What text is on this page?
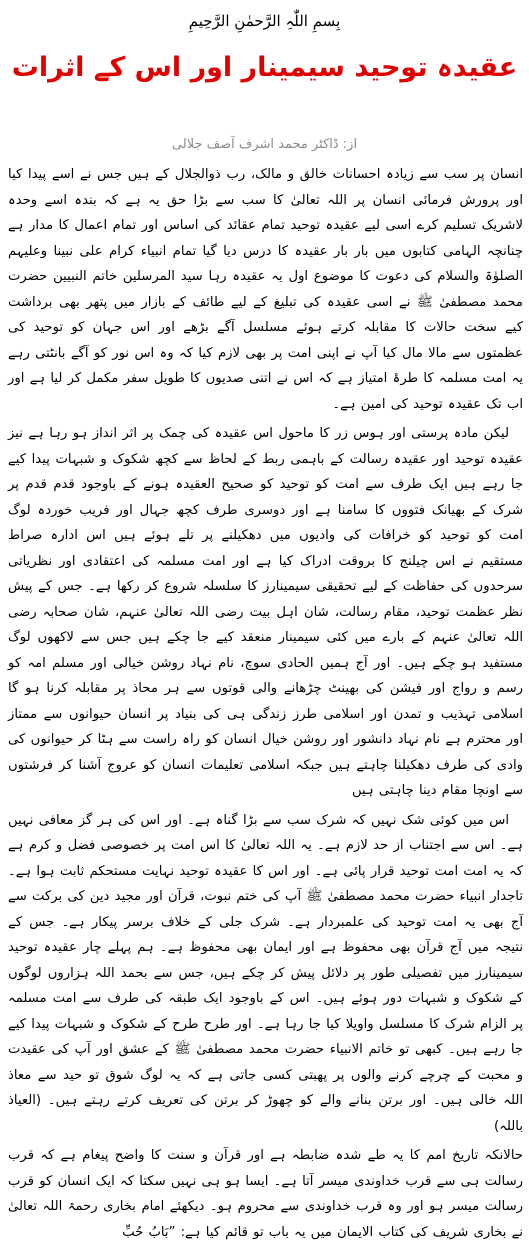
بِسمِ اللّٰہِ الرَّحمٰنِ الرَّحِیمِ
عقیدہ توحید سیمینار اور اس کے اثرات
از: ڈاکٹر محمد اشرف آصف جلالی

انسان پر سب سے زیادہ احسانات خالق و مالک، رب ذوالجلال کے ہیں جس نے اسے پیدا کیا اور پرورش فرمائی انسان پر اللہ تعالیٰ کا سب سے بڑا حق یہ ہے کہ بندہ اسے وحدہ لاشریک تسلیم کرے اسی لیے عقیدہ توحید تمام عقائد کی اساس اور تمام اعمال کا مدار ہے چنانچہ الہامی کتابوں میں بار بار عقیدہ کا درس دیا گیا تمام انبیاء کرام علی نبینا وعلیہم الصلوٰۃ والسلام کی دعوت کا موضوع اول یہ عقیدہ رہا سید المرسلین خاتم النبیین حضرت محمد مصطفیٰ ﷺ نے اسی عقیدہ کی تبلیغ کے لیے طائف کے بازار میں پتھر بھی برداشت کیے سخت حالات کا مقابلہ کرتے ہوئے مسلسل آگے بڑھے اور اس جہان کو توحید کی عظمتوں سے مالا مال کیا آپ نے اپنی امت پر بھی لازم کیا کہ وہ اس نور کو آگے بانٹتی رہے یہ امت مسلمہ کا طرۂ امتیاز ہے کہ اس نے اتنی صدیوں کا طویل سفر مکمل کر لیا ہے اور اب تک عقیدہ توحید کی امین ہے۔

لیکن مادہ پرستی اور ہوس زر کا ماحول اس عقیدہ کی چمک پر اثر انداز ہو رہا ہے نیز عقیدہ توحید اور عقیدہ رسالت کے باہمی ربط کے لحاظ سے کچھ شکوک و شبہات پیدا کیے جا رہے ہیں ایک طرف سے امت کو توحید کو صحیح العقیدہ ہونے کے باوجود قدم قدم پر شرک کے بھیانک فتووں کا سامنا ہے اور دوسری طرف کچھ جہال اور فریب خوردہ لوگ امت کو توحید کو خرافات کی وادیوں میں دھکیلنے پر تلے ہوئے ہیں اس ادارہ صراط مستقیم نے اس چیلنج کا بروقت ادراک کیا ہے اور امت مسلمہ کی اعتقادی اور نظریاتی سرحدوں کی حفاظت کے لیے تحقیقی سیمینارز کا سلسلہ شروع کر رکھا ہے۔ جس کے پیش نظر عظمت توحید، مقام رسالت، شان اہل بیت رضی اللہ تعالیٰ عنہم، شان صحابہ رضی اللہ تعالیٰ عنہم کے بارے میں کئی سیمینار منعقد کیے جا چکے ہیں جس سے لاکھوں لوگ مستفید ہو چکے ہیں۔ اور آج ہمیں الحادی سوچ، نام نہاد روشن خیالی اور مسلم امہ کو رسم و رواج اور فیشن کی بھینٹ چڑھانے والی قوتوں سے ہر محاذ پر مقابلہ کرنا ہو گا اسلامی تہذیب و تمدن اور اسلامی طرز زندگی ہی کی بنیاد پر انسان حیوانوں سے ممتاز اور محترم ہے نام نہاد دانشور اور روشن خیال انسان کو راہ راست سے ہٹا کر حیوانوں کی وادی کی طرف دھکیلنا چاہتے ہیں جبکہ اسلامی تعلیمات انسان کو عروج آشنا کر فرشتوں سے اونچا مقام دینا چاہتی ہیں

اس میں کوئی شک نہیں کہ شرک سب سے بڑا گناہ ہے۔ اور اس کی ہر گز معافی نہیں ہے۔ اس سے اجتناب از حد لازم ہے۔ یہ اللہ تعالیٰ کا اس امت پر خصوصی فضل و کرم ہے کہ یہ امت امت توحید قرار پائی ہے۔ اور اس کا عقیدہ توحید نہایت مستحکم ثابت ہوا ہے۔ تاجدار انبیاء حضرت محمد مصطفیٰ ﷺ آپ کی ختم نبوت، قرآن اور مجید دین کی برکت سے آج بھی یہ امت توحید کی علمبردار ہے۔ شرک جلی کے خلاف برسر پیکار ہے۔ جس کے نتیجہ میں آج قرآن بھی محفوظ ہے اور ایمان بھی محفوظ ہے۔ ہم پہلے چار عقیدہ توحید سیمینارز میں تفصیلی طور پر دلائل پیش کر چکے ہیں، جس سے بحمد اللہ ہزاروں لوگوں کے شکوک و شبہات دور ہوئے ہیں۔ اس کے باوجود ایک طبقہ کی طرف سے امت مسلمہ پر الزام شرک کا مسلسل واویلا کیا جا رہا ہے۔ اور طرح طرح کے شکوک و شبہات پیدا کیے جا رہے ہیں۔ کبھی تو خاتم الانبیاء حضرت محمد مصطفیٰ ﷺ کے عشق اور آپ کی عقیدت و محبت کے چرچے کرنے والوں پر پھبتی کسی جاتی ہے کہ یہ لوگ شوق تو حید سے معاذ اللہ خالی ہیں۔ اور برتن بنانے والے کو چھوڑ کر برتن کی تعریف کرتے رہتے ہیں۔ (العیاذ باللہ)

حالانکہ تاریخ امم کا یہ طے شدہ ضابطہ ہے اور قرآن و سنت کا واضح پیغام ہے کہ قرب رسالت ہی سے قرب خداوندی میسر آتا ہے۔ ایسا ہو ہی نہیں سکتا کہ ایک انسان کو قرب رسالت میسر ہو اور وہ قرب خداوندی سے محروم ہو۔ دیکھئے امام بخاری رحمۃ اللہ تعالیٰ نے بخاری شریف کی کتاب الایمان میں یہ باب تو قائم کیا ہے: ”بَابُ حُبِّ
